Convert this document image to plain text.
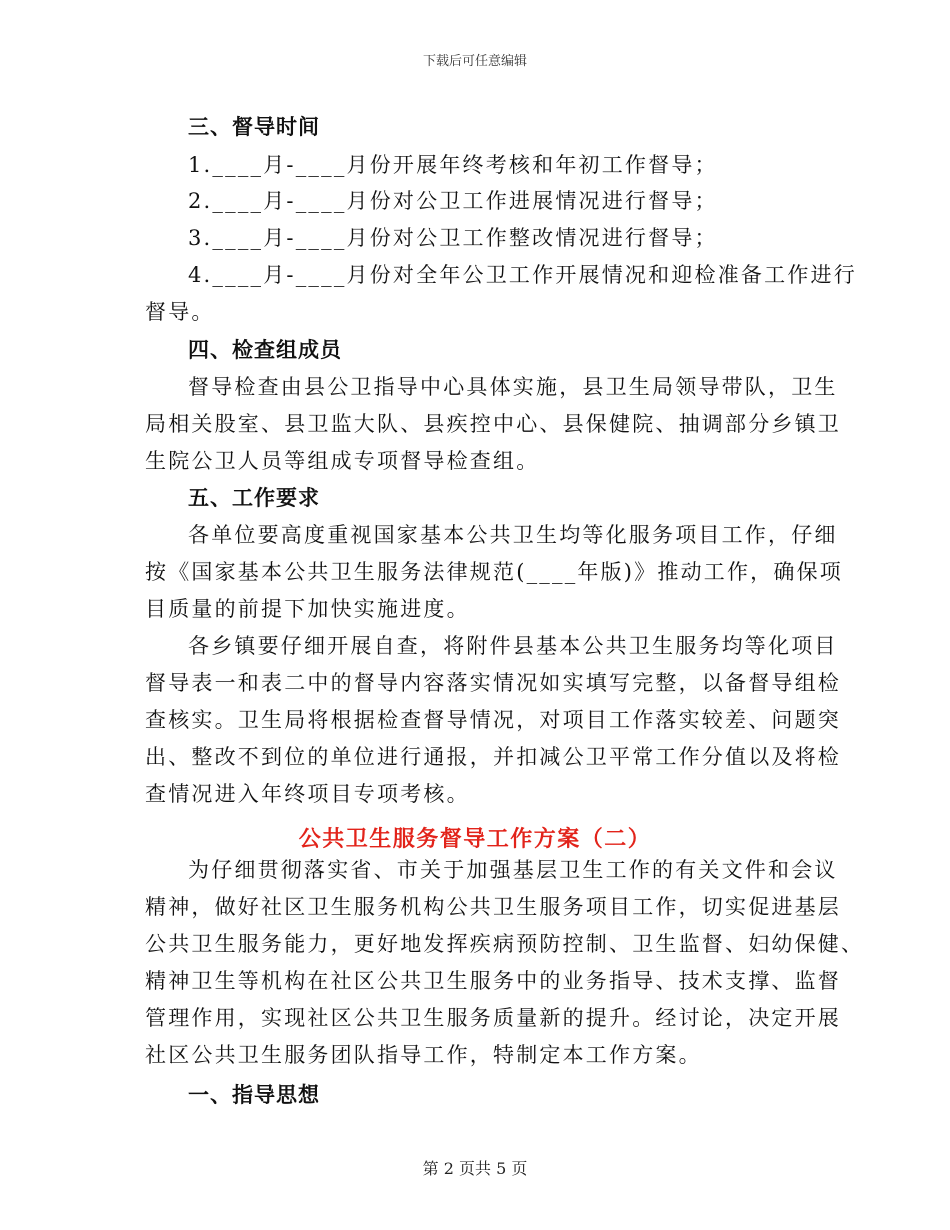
下载后可任意编辑
三、督导时间
1.____月-____月份开展年终考核和年初工作督导；
2.____月-____月份对公卫工作进展情况进行督导；
3.____月-____月份对公卫工作整改情况进行督导；
4.____月-____月份对全年公卫工作开展情况和迎检准备工作进行
督导。
四、检查组成员
督导检查由县公卫指导中心具体实施，县卫生局领导带队，卫生
局相关股室、县卫监大队、县疾控中心、县保健院、抽调部分乡镇卫
生院公卫人员等组成专项督导检查组。
五、工作要求
各单位要高度重视国家基本公共卫生均等化服务项目工作，仔细
按《国家基本公共卫生服务法律规范(____年版)》推动工作，确保项
目质量的前提下加快实施进度。
各乡镇要仔细开展自查，将附件县基本公共卫生服务均等化项目
督导表一和表二中的督导内容落实情况如实填写完整，以备督导组检
查核实。卫生局将根据检查督导情况，对项目工作落实较差、问题突
出、整改不到位的单位进行通报，并扣减公卫平常工作分值以及将检
查情况进入年终项目专项考核。
公共卫生服务督导工作方案（二）
为仔细贯彻落实省、市关于加强基层卫生工作的有关文件和会议
精神，做好社区卫生服务机构公共卫生服务项目工作，切实促进基层
公共卫生服务能力，更好地发挥疾病预防控制、卫生监督、妇幼保健、
精神卫生等机构在社区公共卫生服务中的业务指导、技术支撑、监督
管理作用，实现社区公共卫生服务质量新的提升。经讨论，决定开展
社区公共卫生服务团队指导工作，特制定本工作方案。
一、指导思想
第 2 页共 5 页
